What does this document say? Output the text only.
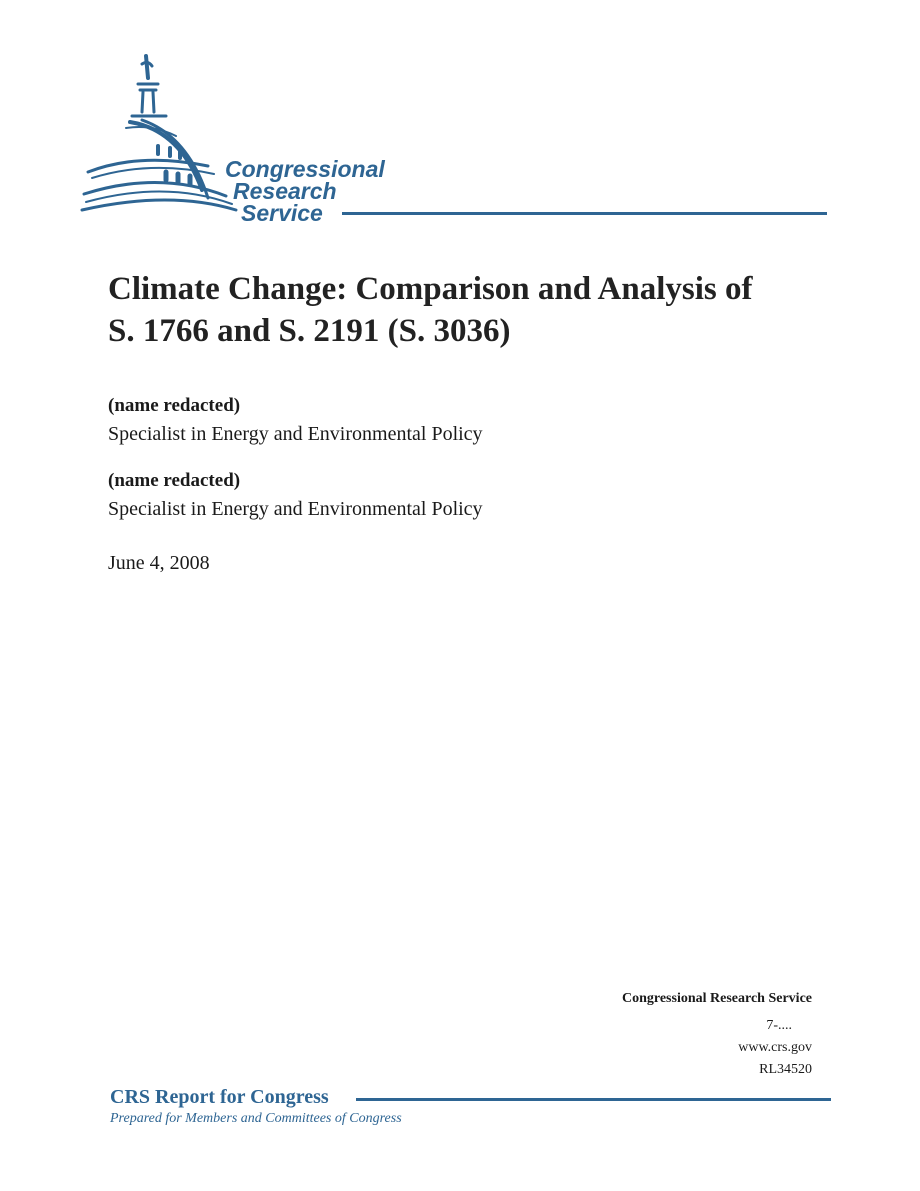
Congressional
Research
Service
Climate Change: Comparison and Analysis of
S. 1766 and S. 2191 (S. 3036)
(name redacted)
Specialist in Energy and Environmental Policy
(name redacted)
Specialist in Energy and Environmental Policy
June 4, 2008
Congressional Research Service
7-....
www.crs.gov
RL34520
CRS Report for Congress
Prepared for Members and Committees of Congress
